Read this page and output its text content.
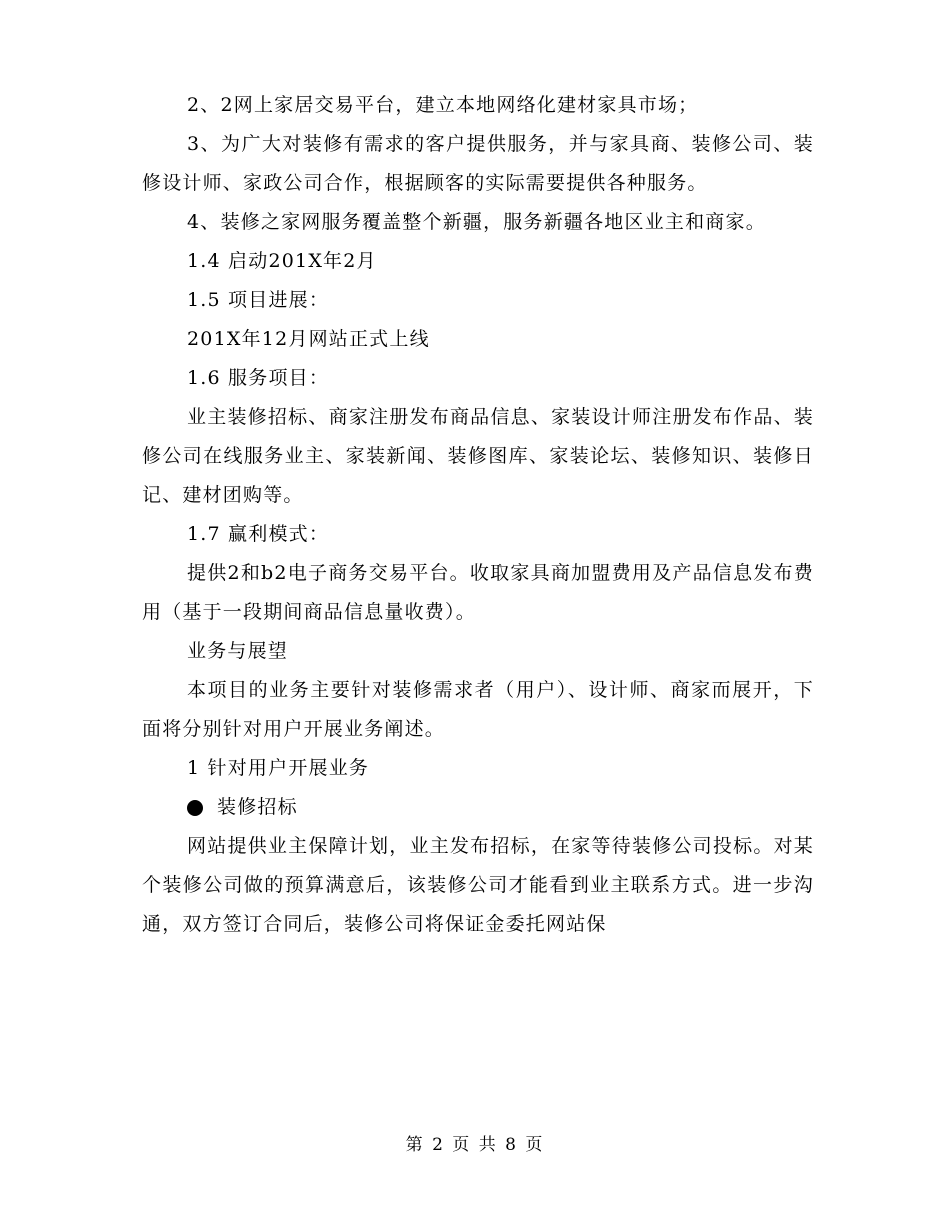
2、2网上家居交易平台，建立本地网络化建材家具市场；

3、为广大对装修有需求的客户提供服务，并与家具商、装修公司、装修设计师、家政公司合作，根据顾客的实际需要提供各种服务。

4、装修之家网服务覆盖整个新疆，服务新疆各地区业主和商家。

1.4 启动201X年2月

1.5 项目进展：

201X年12月网站正式上线

1.6 服务项目：

业主装修招标、商家注册发布商品信息、家装设计师注册发布作品、装修公司在线服务业主、家装新闻、装修图库、家装论坛、装修知识、装修日记、建材团购等。

1.7 赢利模式：

提供2和b2电子商务交易平台。收取家具商加盟费用及产品信息发布费用（基于一段期间商品信息量收费）。

业务与展望

本项目的业务主要针对装修需求者（用户）、设计师、商家而展开，下面将分别针对用户开展业务阐述。

1 针对用户开展业务

装修招标

网站提供业主保障计划，业主发布招标，在家等待装修公司投标。对某个装修公司做的预算满意后，该装修公司才能看到业主联系方式。进一步沟通，双方签订合同后，装修公司将保证金委托网站保

第 2 页 共 8 页
